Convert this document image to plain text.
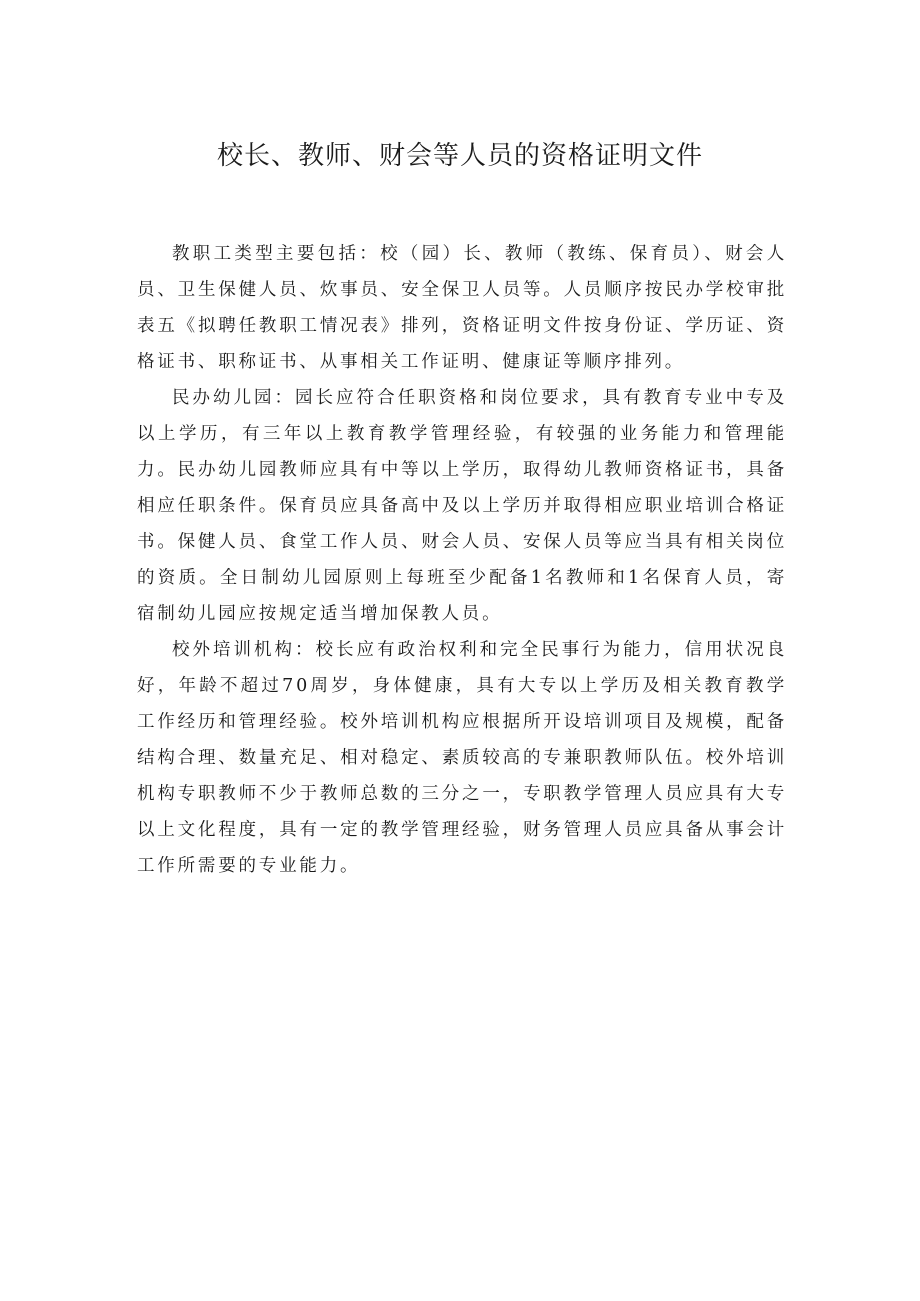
校长、教师、财会等人员的资格证明文件

教职工类型主要包括：校（园）长、教师（教练、保育员）、财会人员、卫生保健人员、炊事员、安全保卫人员等。人员顺序按民办学校审批表五《拟聘任教职工情况表》排列，资格证明文件按身份证、学历证、资格证书、职称证书、从事相关工作证明、健康证等顺序排列。

民办幼儿园：园长应符合任职资格和岗位要求，具有教育专业中专及以上学历，有三年以上教育教学管理经验，有较强的业务能力和管理能力。民办幼儿园教师应具有中等以上学历，取得幼儿教师资格证书，具备相应任职条件。保育员应具备高中及以上学历并取得相应职业培训合格证书。保健人员、食堂工作人员、财会人员、安保人员等应当具有相关岗位的资质。全日制幼儿园原则上每班至少配备1名教师和1名保育人员，寄宿制幼儿园应按规定适当增加保教人员。

校外培训机构：校长应有政治权利和完全民事行为能力，信用状况良好，年龄不超过70周岁，身体健康，具有大专以上学历及相关教育教学工作经历和管理经验。校外培训机构应根据所开设培训项目及规模，配备结构合理、数量充足、相对稳定、素质较高的专兼职教师队伍。校外培训机构专职教师不少于教师总数的三分之一，专职教学管理人员应具有大专以上文化程度，具有一定的教学管理经验，财务管理人员应具备从事会计工作所需要的专业能力。
